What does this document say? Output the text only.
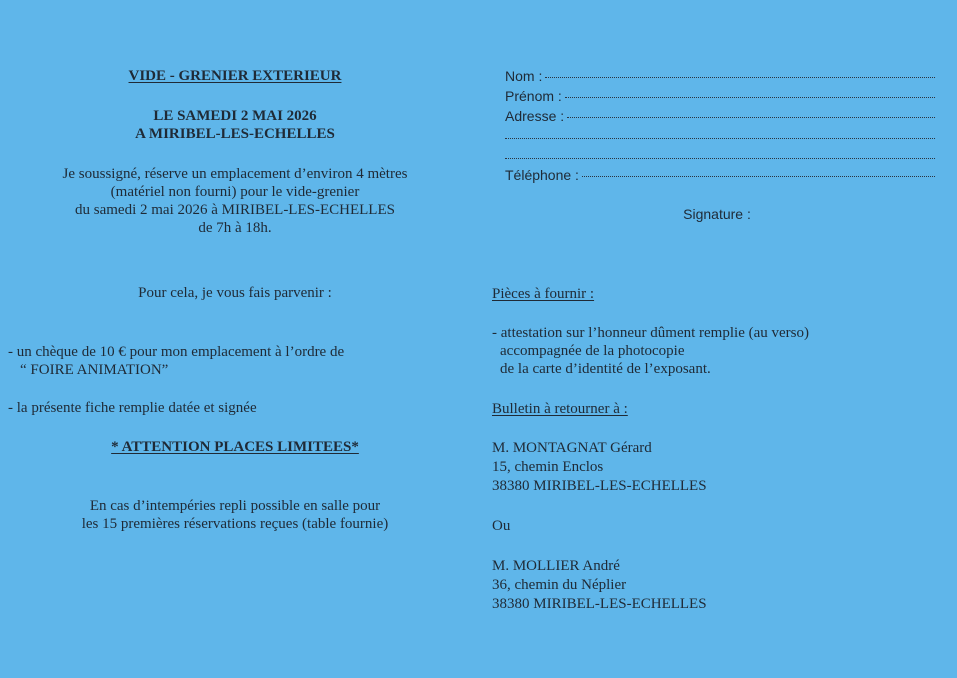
VIDE - GRENIER EXTERIEUR
LE SAMEDI 2 MAI 2026
A MIRIBEL-LES-ECHELLES
Je soussigné, réserve un emplacement d’environ 4 mètres
(matériel non fourni) pour le vide-grenier
du samedi 2 mai 2026 à MIRIBEL-LES-ECHELLES
de 7h à 18h.
Pour cela, je vous fais parvenir :
- un chèque de 10 € pour mon emplacement à l’ordre de
“ FOIRE ANIMATION”
- la présente fiche remplie datée et signée
* ATTENTION PLACES LIMITEES*
En cas d’intempéries repli possible en salle pour
les 15 premières réservations reçues (table fournie)
Nom :
Prénom :
Adresse :
Téléphone :
Signature :
Pièces à fournir :
- attestation sur l’honneur dûment remplie (au verso)
accompagnée de la photocopie
de la carte d’identité de l’exposant.
Bulletin à retourner à :
M. MONTAGNAT Gérard
15, chemin Enclos
38380 MIRIBEL-LES-ECHELLES
Ou
M. MOLLIER André
36, chemin du Néplier
38380 MIRIBEL-LES-ECHELLES
